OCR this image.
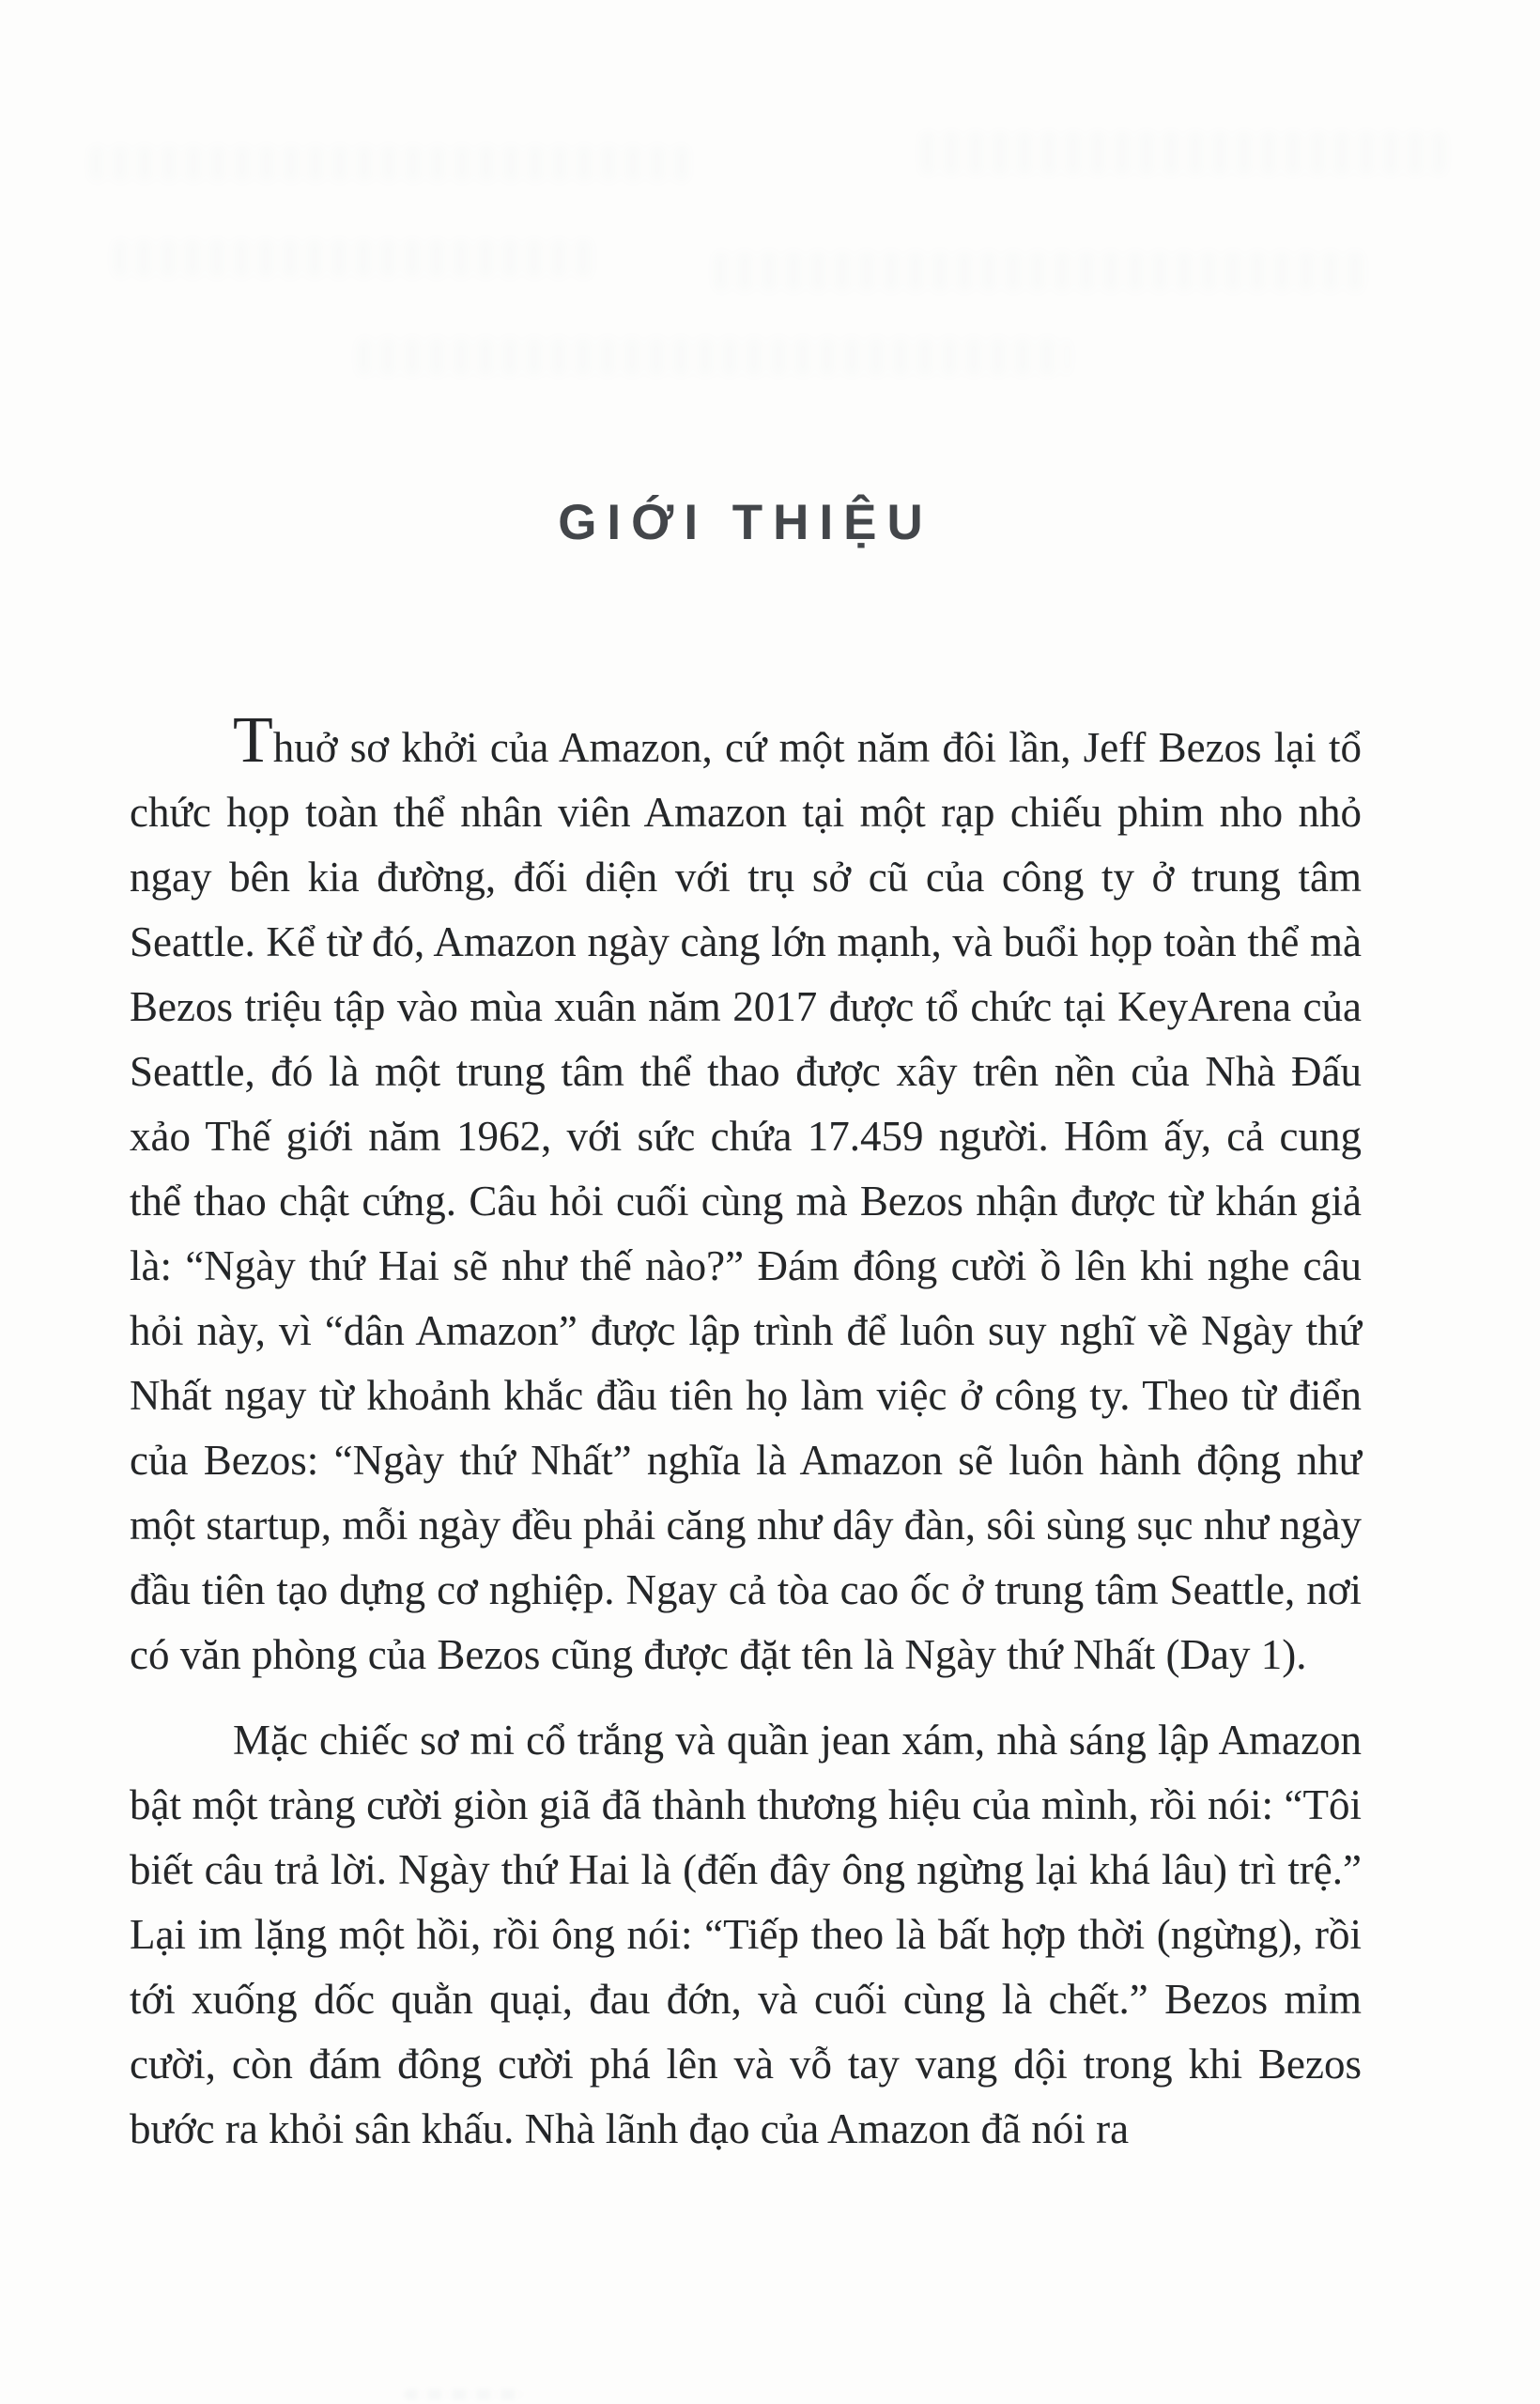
GIỚI THIỆU

Thuở sơ khởi của Amazon, cứ một năm đôi lần, Jeff Bezos lại tổ chức họp toàn thể nhân viên Amazon tại một rạp chiếu phim nho nhỏ ngay bên kia đường, đối diện với trụ sở cũ của công ty ở trung tâm Seattle. Kể từ đó, Amazon ngày càng lớn mạnh, và buổi họp toàn thể mà Bezos triệu tập vào mùa xuân năm 2017 được tổ chức tại KeyArena của Seattle, đó là một trung tâm thể thao được xây trên nền của Nhà Đấu xảo Thế giới năm 1962, với sức chứa 17.459 người. Hôm ấy, cả cung thể thao chật cứng. Câu hỏi cuối cùng mà Bezos nhận được từ khán giả là: “Ngày thứ Hai sẽ như thế nào?” Đám đông cười ồ lên khi nghe câu hỏi này, vì “dân Amazon” được lập trình để luôn suy nghĩ về Ngày thứ Nhất ngay từ khoảnh khắc đầu tiên họ làm việc ở công ty. Theo từ điển của Bezos: “Ngày thứ Nhất” nghĩa là Amazon sẽ luôn hành động như một startup, mỗi ngày đều phải căng như dây đàn, sôi sùng sục như ngày đầu tiên tạo dựng cơ nghiệp. Ngay cả tòa cao ốc ở trung tâm Seattle, nơi có văn phòng của Bezos cũng được đặt tên là Ngày thứ Nhất (Day 1).

Mặc chiếc sơ mi cổ trắng và quần jean xám, nhà sáng lập Amazon bật một tràng cười giòn giã đã thành thương hiệu của mình, rồi nói: “Tôi biết câu trả lời. Ngày thứ Hai là (đến đây ông ngừng lại khá lâu) trì trệ.” Lại im lặng một hồi, rồi ông nói: “Tiếp theo là bất hợp thời (ngừng), rồi tới xuống dốc quằn quại, đau đớn, và cuối cùng là chết.” Bezos mỉm cười, còn đám đông cười phá lên và vỗ tay vang dội trong khi Bezos bước ra khỏi sân khấu. Nhà lãnh đạo của Amazon đã nói ra
